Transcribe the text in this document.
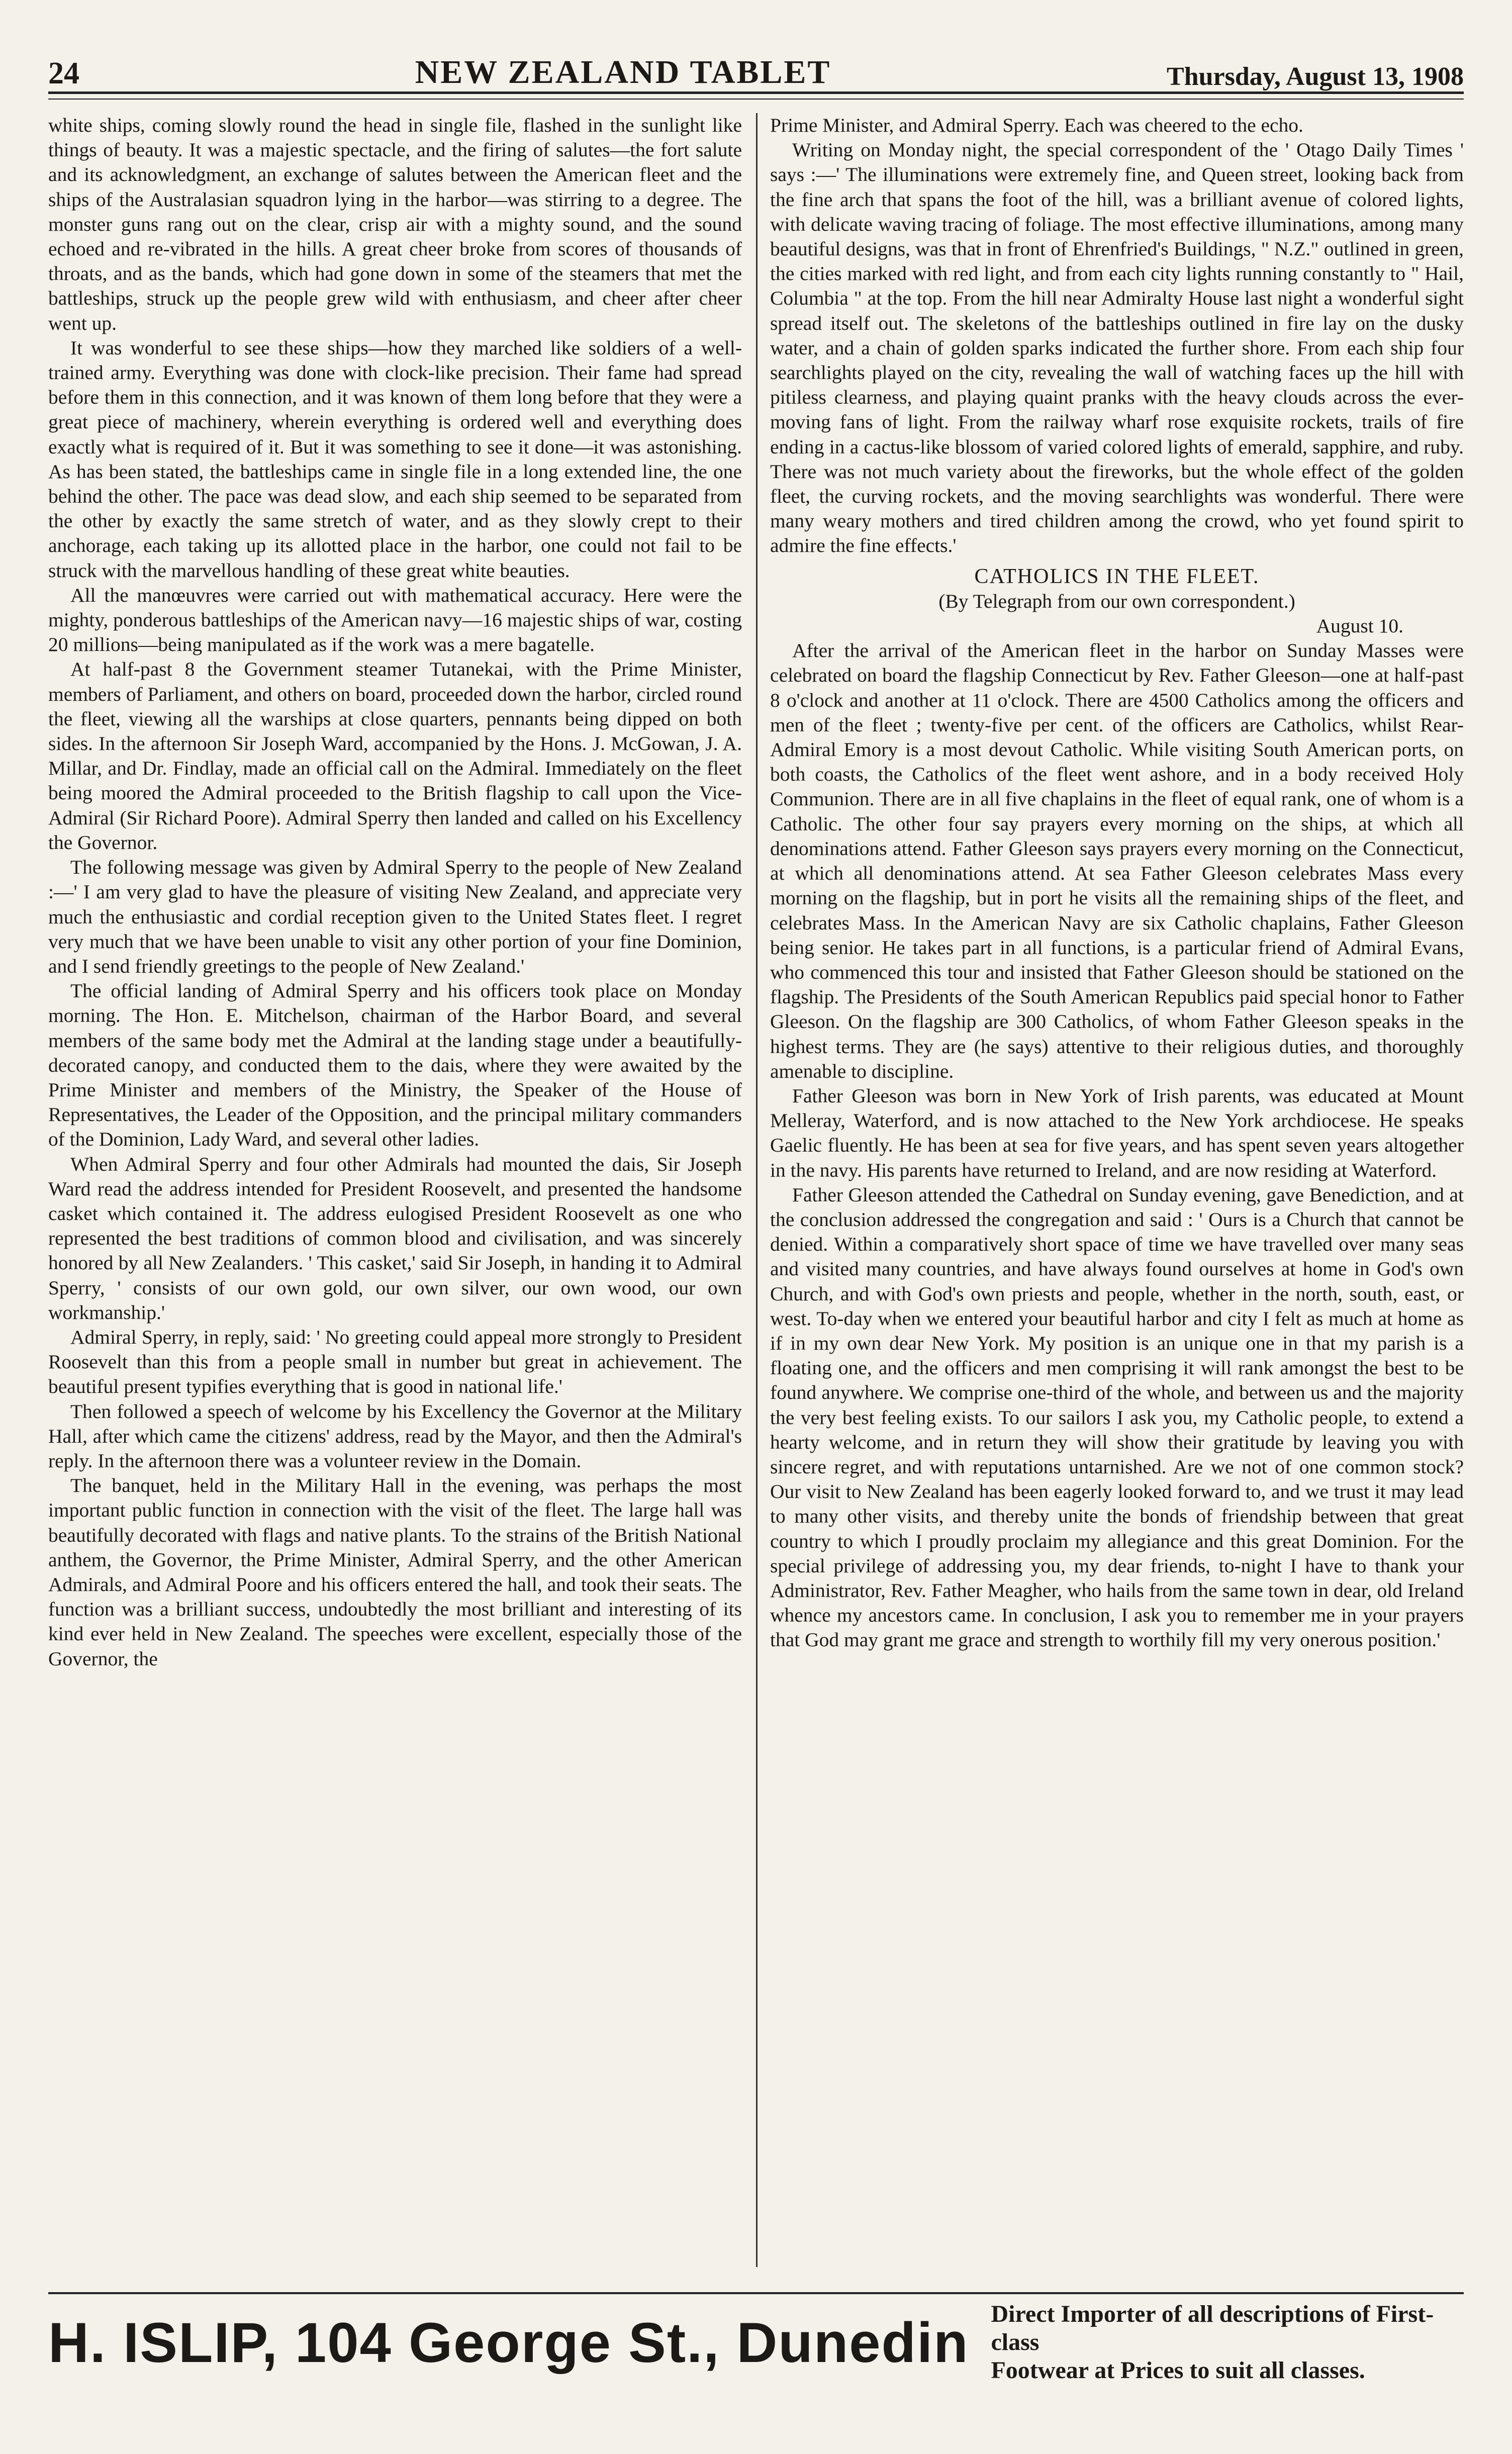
24	NEW ZEALAND TABLET	Thursday, August 13, 1908

white ships, coming slowly round the head in single file, flashed in the sunlight like things of beauty. It was a majestic spectacle, and the firing of salutes—the fort salute and its acknowledgment, an exchange of salutes between the American fleet and the ships of the Australasian squadron lying in the harbor—was stirring to a degree. The monster guns rang out on the clear, crisp air with a mighty sound, and the sound echoed and re-vibrated in the hills. A great cheer broke from scores of thousands of throats, and as the bands, which had gone down in some of the steamers that met the battleships, struck up the people grew wild with enthusiasm, and cheer after cheer went up.

It was wonderful to see these ships—how they marched like soldiers of a well-trained army. Everything was done with clock-like precision. Their fame had spread before them in this connection, and it was known of them long before that they were a great piece of machinery, wherein everything is ordered well and everything does exactly what is required of it. But it was something to see it done—it was astonishing. As has been stated, the battleships came in single file in a long extended line, the one behind the other. The pace was dead slow, and each ship seemed to be separated from the other by exactly the same stretch of water, and as they slowly crept to their anchorage, each taking up its allotted place in the harbor, one could not fail to be struck with the marvellous handling of these great white beauties.

All the manœuvres were carried out with mathematical accuracy. Here were the mighty, ponderous battleships of the American navy—16 majestic ships of war, costing 20 millions—being manipulated as if the work was a mere bagatelle.

At half-past 8 the Government steamer Tutanekai, with the Prime Minister, members of Parliament, and others on board, proceeded down the harbor, circled round the fleet, viewing all the warships at close quarters, pennants being dipped on both sides. In the afternoon Sir Joseph Ward, accompanied by the Hons. J. McGowan, J. A. Millar, and Dr. Findlay, made an official call on the Admiral. Immediately on the fleet being moored the Admiral proceeded to the British flagship to call upon the Vice-Admiral (Sir Richard Poore). Admiral Sperry then landed and called on his Excellency the Governor.

The following message was given by Admiral Sperry to the people of New Zealand :—' I am very glad to have the pleasure of visiting New Zealand, and appreciate very much the enthusiastic and cordial reception given to the United States fleet. I regret very much that we have been unable to visit any other portion of your fine Dominion, and I send friendly greetings to the people of New Zealand.'

The official landing of Admiral Sperry and his officers took place on Monday morning. The Hon. E. Mitchelson, chairman of the Harbor Board, and several members of the same body met the Admiral at the landing stage under a beautifully-decorated canopy, and conducted them to the dais, where they were awaited by the Prime Minister and members of the Ministry, the Speaker of the House of Representatives, the Leader of the Opposition, and the principal military commanders of the Dominion, Lady Ward, and several other ladies.

When Admiral Sperry and four other Admirals had mounted the dais, Sir Joseph Ward read the address intended for President Roosevelt, and presented the handsome casket which contained it. The address eulogised President Roosevelt as one who represented the best traditions of common blood and civilisation, and was sincerely honored by all New Zealanders. ' This casket,' said Sir Joseph, in handing it to Admiral Sperry, ' consists of our own gold, our own silver, our own wood, our own workmanship.'

Admiral Sperry, in reply, said: ' No greeting could appeal more strongly to President Roosevelt than this from a people small in number but great in achievement. The beautiful present typifies everything that is good in national life.'

Then followed a speech of welcome by his Excellency the Governor at the Military Hall, after which came the citizens' address, read by the Mayor, and then the Admiral's reply. In the afternoon there was a volunteer review in the Domain.

The banquet, held in the Military Hall in the evening, was perhaps the most important public function in connection with the visit of the fleet. The large hall was beautifully decorated with flags and native plants. To the strains of the British National anthem, the Governor, the Prime Minister, Admiral Sperry, and the other American Admirals, and Admiral Poore and his officers entered the hall, and took their seats. The function was a brilliant success, undoubtedly the most brilliant and interesting of its kind ever held in New Zealand. The speeches were excellent, especially those of the Governor, the

Prime Minister, and Admiral Sperry. Each was cheered to the echo.

Writing on Monday night, the special correspondent of the ' Otago Daily Times ' says :—' The illuminations were extremely fine, and Queen street, looking back from the fine arch that spans the foot of the hill, was a brilliant avenue of colored lights, with delicate waving tracing of foliage. The most effective illuminations, among many beautiful designs, was that in front of Ehrenfried's Buildings, " N.Z." outlined in green, the cities marked with red light, and from each city lights running constantly to " Hail, Columbia " at the top. From the hill near Admiralty House last night a wonderful sight spread itself out. The skeletons of the battleships outlined in fire lay on the dusky water, and a chain of golden sparks indicated the further shore. From each ship four searchlights played on the city, revealing the wall of watching faces up the hill with pitiless clearness, and playing quaint pranks with the heavy clouds across the ever-moving fans of light. From the railway wharf rose exquisite rockets, trails of fire ending in a cactus-like blossom of varied colored lights of emerald, sapphire, and ruby. There was not much variety about the fireworks, but the whole effect of the golden fleet, the curving rockets, and the moving searchlights was wonderful. There were many weary mothers and tired children among the crowd, who yet found spirit to admire the fine effects.'

CATHOLICS IN THE FLEET.

(By Telegraph from our own correspondent.)

August 10.

After the arrival of the American fleet in the harbor on Sunday Masses were celebrated on board the flagship Connecticut by Rev. Father Gleeson—one at half-past 8 o'clock and another at 11 o'clock. There are 4500 Catholics among the officers and men of the fleet ; twenty-five per cent. of the officers are Catholics, whilst Rear-Admiral Emory is a most devout Catholic. While visiting South American ports, on both coasts, the Catholics of the fleet went ashore, and in a body received Holy Communion. There are in all five chaplains in the fleet of equal rank, one of whom is a Catholic. The other four say prayers every morning on the ships, at which all denominations attend. Father Gleeson says prayers every morning on the Connecticut, at which all denominations attend. At sea Father Gleeson celebrates Mass every morning on the flagship, but in port he visits all the remaining ships of the fleet, and celebrates Mass. In the American Navy are six Catholic chaplains, Father Gleeson being senior. He takes part in all functions, is a particular friend of Admiral Evans, who commenced this tour and insisted that Father Gleeson should be stationed on the flagship. The Presidents of the South American Republics paid special honor to Father Gleeson. On the flagship are 300 Catholics, of whom Father Gleeson speaks in the highest terms. They are (he says) attentive to their religious duties, and thoroughly amenable to discipline.

Father Gleeson was born in New York of Irish parents, was educated at Mount Melleray, Waterford, and is now attached to the New York archdiocese. He speaks Gaelic fluently. He has been at sea for five years, and has spent seven years altogether in the navy. His parents have returned to Ireland, and are now residing at Waterford.

Father Gleeson attended the Cathedral on Sunday evening, gave Benediction, and at the conclusion addressed the congregation and said : ' Ours is a Church that cannot be denied. Within a comparatively short space of time we have travelled over many seas and visited many countries, and have always found ourselves at home in God's own Church, and with God's own priests and people, whether in the north, south, east, or west. To-day when we entered your beautiful harbor and city I felt as much at home as if in my own dear New York. My position is an unique one in that my parish is a floating one, and the officers and men comprising it will rank amongst the best to be found anywhere. We comprise one-third of the whole, and between us and the majority the very best feeling exists. To our sailors I ask you, my Catholic people, to extend a hearty welcome, and in return they will show their gratitude by leaving you with sincere regret, and with reputations untarnished. Are we not of one common stock? Our visit to New Zealand has been eagerly looked forward to, and we trust it may lead to many other visits, and thereby unite the bonds of friendship between that great country to which I proudly proclaim my allegiance and this great Dominion. For the special privilege of addressing you, my dear friends, to-night I have to thank your Administrator, Rev. Father Meagher, who hails from the same town in dear, old Ireland whence my ancestors came. In conclusion, I ask you to remember me in your prayers that God may grant me grace and strength to worthily fill my very onerous position.'

H. ISLIP, 104 George St., Dunedin Direct Importer of all descriptions of First-class
Footwear at Prices to suit all classes.
